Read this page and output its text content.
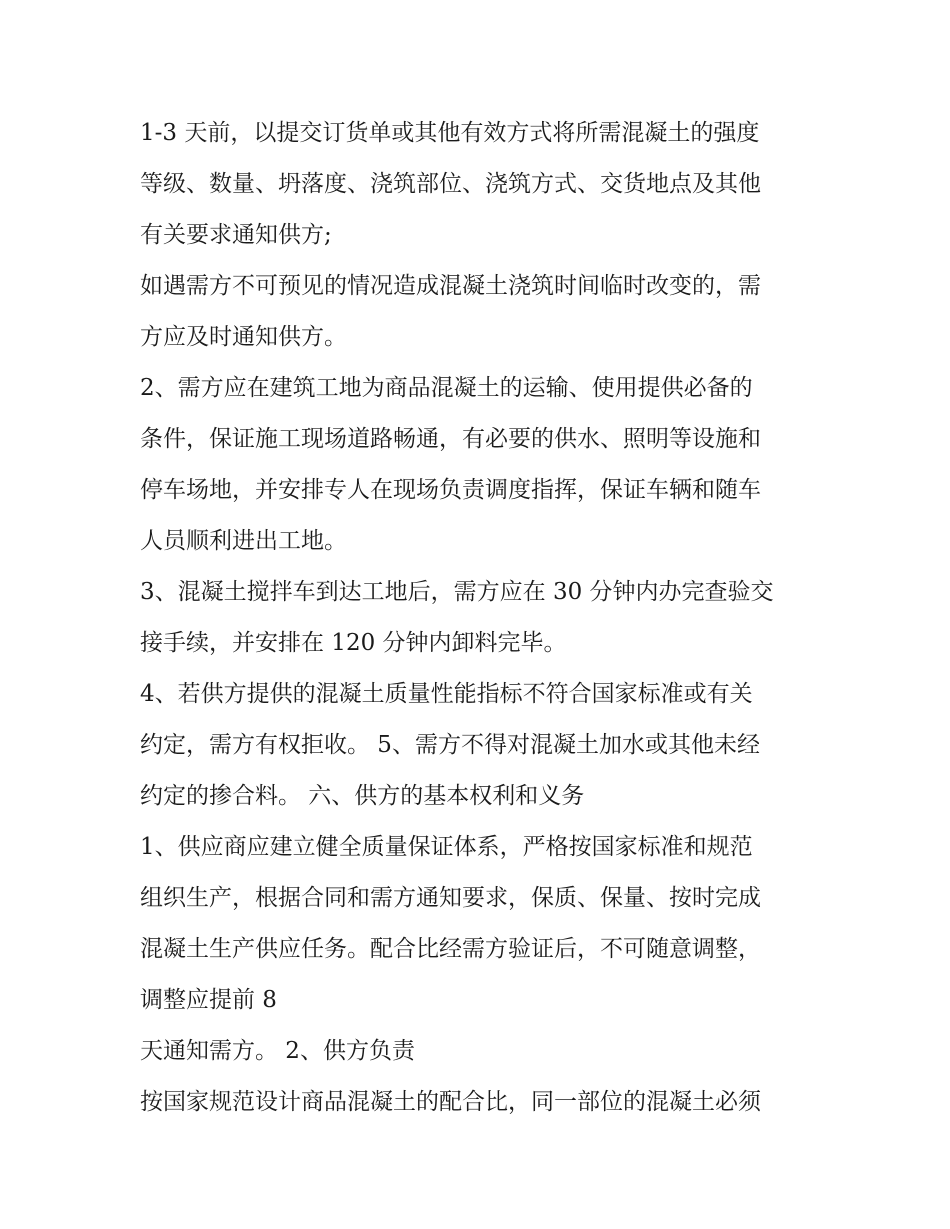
1-3 天前，以提交订货单或其他有效方式将所需混凝土的强度
等级、数量、坍落度、浇筑部位、浇筑方式、交货地点及其他
有关要求通知供方;
如遇需方不可预见的情况造成混凝土浇筑时间临时改变的，需
方应及时通知供方。
2、需方应在建筑工地为商品混凝土的运输、使用提供必备的
条件，保证施工现场道路畅通，有必要的供水、照明等设施和
停车场地，并安排专人在现场负责调度指挥，保证车辆和随车
人员顺利进出工地。
3、混凝土搅拌车到达工地后，需方应在 30 分钟内办完查验交
接手续，并安排在 120 分钟内卸料完毕。
4、若供方提供的混凝土质量性能指标不符合国家标准或有关
约定，需方有权拒收。 5、需方不得对混凝土加水或其他未经
约定的掺合料。 六、供方的基本权利和义务
1、供应商应建立健全质量保证体系，严格按国家标准和规范
组织生产，根据合同和需方通知要求，保质、保量、按时完成
混凝土生产供应任务。配合比经需方验证后，不可随意调整，
调整应提前 8
天通知需方。 2、供方负责
按国家规范设计商品混凝土的配合比，同一部位的混凝土必须
